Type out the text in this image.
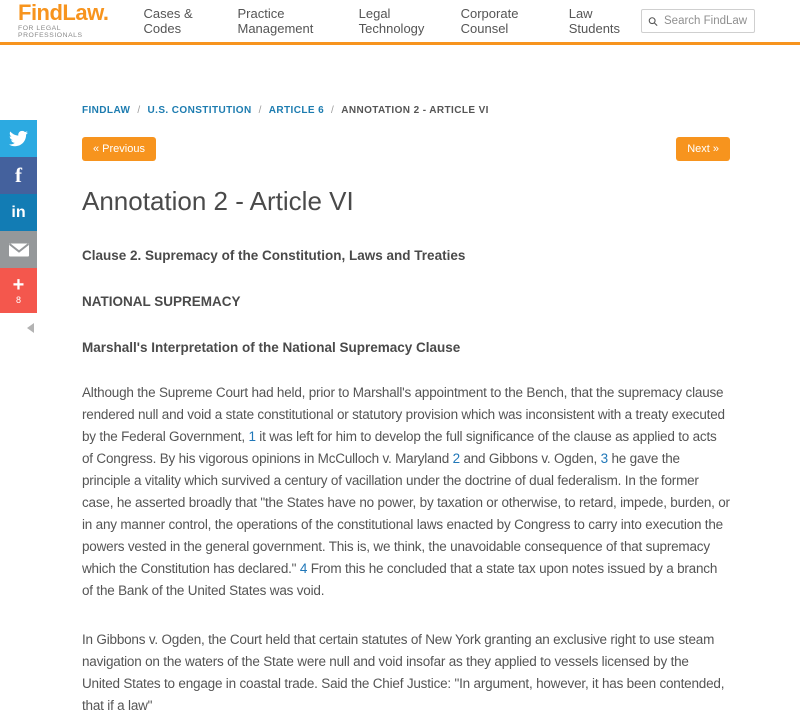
FindLaw.
FOR LEGAL PROFESSIONALS
Cases & Codes
Practice Management
Legal Technology
Corporate Counsel
Law Students
Search FindLaw
f
in
+
8
FINDLAW / U.S. CONSTITUTION / ARTICLE 6 / ANNOTATION 2 - ARTICLE VI
« Previous	Next »
Annotation 2 - Article VI
Clause 2. Supremacy of the Constitution, Laws and Treaties
NATIONAL SUPREMACY
Marshall's Interpretation of the National Supremacy Clause

Although the Supreme Court had held, prior to Marshall's appointment to the Bench, that the supremacy clause rendered null and void a state constitutional or statutory provision which was inconsistent with a treaty executed by the Federal Government, 1 it was left for him to develop the full significance of the clause as applied to acts of Congress. By his vigorous opinions in McCulloch v. Maryland 2 and Gibbons v. Ogden, 3 he gave the principle a vitality which survived a century of vacillation under the doctrine of dual federalism. In the former case, he asserted broadly that "the States have no power, by taxation or otherwise, to retard, impede, burden, or in any manner control, the operations of the constitutional laws enacted by Congress to carry into execution the powers vested in the general government. This is, we think, the unavoidable consequence of that supremacy which the Constitution has declared." 4 From this he concluded that a state tax upon notes issued by a branch of the Bank of the United States was void.

In Gibbons v. Ogden, the Court held that certain statutes of New York granting an exclusive right to use steam navigation on the waters of the State were null and void insofar as they applied to vessels licensed by the United States to engage in coastal trade. Said the Chief Justice: "In argument, however, it has been contended, that if a law"
